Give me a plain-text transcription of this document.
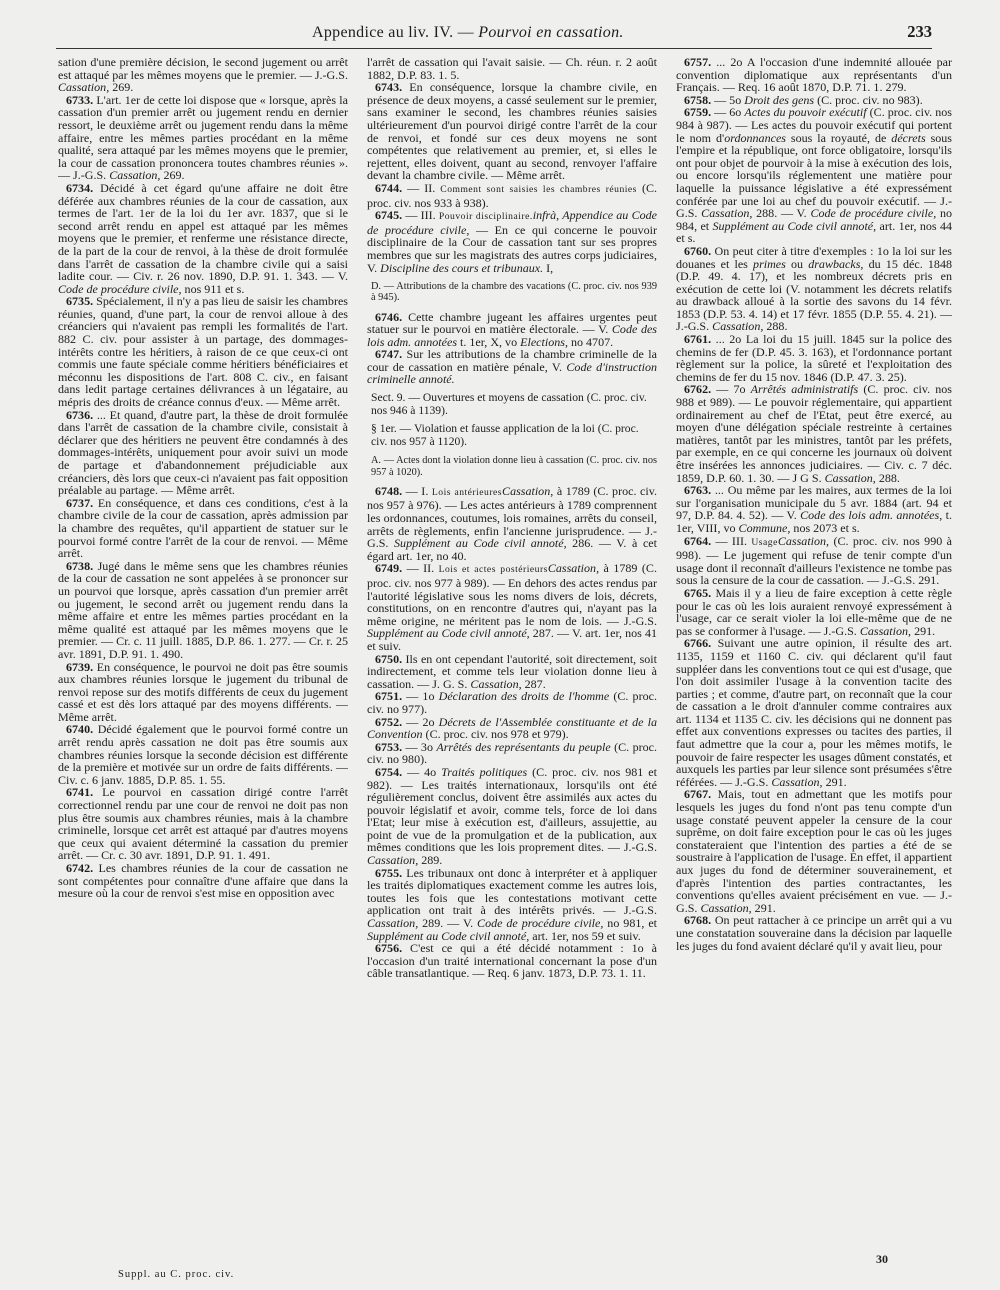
Appendice au liv. IV. — Pourvoi en cassation.	233

sation d'une première décision, le second jugement ou arrêt est attaqué par les mêmes moyens que le premier. — J.-G.S. Cassation, 269.

6733. L'art. 1er de cette loi dispose que « lorsque, après la cassation d'un premier arrêt ou jugement rendu en dernier ressort, le deuxième arrêt ou jugement rendu dans la même affaire, entre les mêmes parties procédant en la même qualité, sera attaqué par les mêmes moyens que le premier, la cour de cassation prononcera toutes chambres réunies ». — J.-G.S. Cassation, 269.

6734. Décidé à cet égard qu'une affaire ne doit être déférée aux chambres réunies de la cour de cassation, aux termes de l'art. 1er de la loi du 1er avr. 1837, que si le second arrêt rendu en appel est attaqué par les mêmes moyens que le premier, et renferme une résistance directe, de la part de la cour de renvoi, à la thèse de droit formulée dans l'arrêt de cassation de la chambre civile qui a saisi ladite cour. — Civ. r. 26 nov. 1890, D.P. 91. 1. 343. — V. Code de procédure civile, nos 911 et s.

6735. Spécialement, il n'y a pas lieu de saisir les chambres réunies, quand, d'une part, la cour de renvoi alloue à des créanciers qui n'avaient pas rempli les formalités de l'art. 882 C. civ. pour assister à un partage, des dommages-intérêts contre les héritiers, à raison de ce que ceux-ci ont commis une faute spéciale comme héritiers bénéficiaires et méconnu les dispositions de l'art. 808 C. civ., en faisant dans ledit partage certaines délivrances à un légataire, au mépris des droits de créance connus d'eux. — Même arrêt.

6736. ... Et quand, d'autre part, la thèse de droit formulée dans l'arrêt de cassation de la chambre civile, consistait à déclarer que des héritiers ne peuvent être condamnés à des dommages-intérêts, uniquement pour avoir suivi un mode de partage et d'abandonnement préjudiciable aux créanciers, dès lors que ceux-ci n'avaient pas fait opposition préalable au partage. — Même arrêt.

6737. En conséquence, et dans ces conditions, c'est à la chambre civile de la cour de cassation, après admission par la chambre des requêtes, qu'il appartient de statuer sur le pourvoi formé contre l'arrêt de la cour de renvoi. — Même arrêt.

6738. Jugé dans le même sens que les chambres réunies de la cour de cassation ne sont appelées à se prononcer sur un pourvoi que lorsque, après cassation d'un premier arrêt ou jugement, le second arrêt ou jugement rendu dans la même affaire et entre les mêmes parties procédant en la même qualité est attaqué par les mêmes moyens que le premier. — Cr. c. 11 juill. 1885, D.P. 86. 1. 277. — Cr. r. 25 avr. 1891, D.P. 91. 1. 490.

6739. En conséquence, le pourvoi ne doit pas être soumis aux chambres réunies lorsque le jugement du tribunal de renvoi repose sur des motifs différents de ceux du jugement cassé et est dès lors attaqué par des moyens différents. — Même arrêt.

6740. Décidé également que le pourvoi formé contre un arrêt rendu après cassation ne doit pas être soumis aux chambres réunies lorsque la seconde décision est différente de la première et motivée sur un ordre de faits différents. — Civ. c. 6 janv. 1885, D.P. 85. 1. 55.

6741. Le pourvoi en cassation dirigé contre l'arrêt correctionnel rendu par une cour de renvoi ne doit pas non plus être soumis aux chambres réunies, mais à la chambre criminelle, lorsque cet arrêt est attaqué par d'autres moyens que ceux qui avaient déterminé la cassation du premier arrêt. — Cr. c. 30 avr. 1891, D.P. 91. 1. 491.

6742. Les chambres réunies de la cour de cassation ne sont compétentes pour connaître d'une affaire que dans la mesure où la cour de renvoi s'est mise en opposition avec

l'arrêt de cassation qui l'avait saisie. — Ch. réun. r. 2 août 1882, D.P. 83. 1. 5.

6743. En conséquence, lorsque la chambre civile, en présence de deux moyens, a cassé seulement sur le premier, sans examiner le second, les chambres réunies saisies ultérieurement d'un pourvoi dirigé contre l'arrêt de la cour de renvoi, et fondé sur ces deux moyens ne sont compétentes que relativement au premier, et, si elles le rejettent, elles doivent, quant au second, renvoyer l'affaire devant la chambre civile. — Même arrêt.

6744. — II. Comment sont saisies les chambres réunies (C. proc. civ. nos 933 à 938).

6745. — III. Pouvoir disciplinaire.infrà, Appendice au Code de procédure civile, — En ce qui concerne le pouvoir disciplinaire de la Cour de cassation tant sur ses propres membres que sur les magistrats des autres corps judiciaires, V. Discipline des cours et tribunaux. I,

D. — Attributions de la chambre des vacations (C. proc. civ. nos 939 à 945).

6746. Cette chambre jugeant les affaires urgentes peut statuer sur le pourvoi en matière électorale. — V. Code des lois adm. annotées t. 1er, X, vo Elections, no 4707.

6747. Sur les attributions de la chambre criminelle de la cour de cassation en matière pénale, V. Code d'instruction criminelle annoté.

Sect. 9. — Ouvertures et moyens de cassation (C. proc. civ. nos 946 à 1139).

§ 1er. — Violation et fausse application de la loi (C. proc. civ. nos 957 à 1120).

A. — Actes dont la violation donne lieu à cassation (C. proc. civ. nos 957 à 1020).

6748. — I. Lois antérieuresCassation, à 1789 (C. proc. civ. nos 957 à 976). — Les actes antérieurs à 1789 comprennent les ordonnances, coutumes, lois romaines, arrêts du conseil, arrêts de règlements, enfin l'ancienne jurisprudence. — J.-G.S. Supplément au Code civil annoté, 286. — V. à cet égard art. 1er, no 40.

6749. — II. Lois et actes postérieursCassation, à 1789 (C. proc. civ. nos 977 à 989). — En dehors des actes rendus par l'autorité législative sous les noms divers de lois, décrets, constitutions, on en rencontre d'autres qui, n'ayant pas la même origine, ne méritent pas le nom de lois. — J.-G.S. Supplément au Code civil annoté, 287. — V. art. 1er, nos 41 et suiv.

6750. Ils en ont cependant l'autorité, soit directement, soit indirectement, et comme tels leur violation donne lieu à cassation. — J. G. S. Cassation, 287.

6751. — 1o Déclaration des droits de l'homme (C. proc. civ. no 977).

6752. — 2o Décrets de l'Assemblée constituante et de la Convention (C. proc. civ. nos 978 et 979).

6753. — 3o Arrêtés des représentants du peuple (C. proc. civ. no 980).

6754. — 4o Traités politiques (C. proc. civ. nos 981 et 982). — Les traités internationaux, lorsqu'ils ont été régulièrement conclus, doivent être assimilés aux actes du pouvoir législatif et avoir, comme tels, force de loi dans l'Etat; leur mise à exécution est, d'ailleurs, assujettie, au point de vue de la promulgation et de la publication, aux mêmes conditions que les lois proprement dites. — J.-G.S. Cassation, 289.

6755. Les tribunaux ont donc à interpréter et à appliquer les traités diplomatiques exactement comme les autres lois, toutes les fois que les contestations motivant cette application ont trait à des intérêts privés. — J.-G.S. Cassation, 289. — V. Code de procédure civile, no 981, et Supplément au Code civil annoté, art. 1er, nos 59 et suiv.

6756. C'est ce qui a été décidé notamment : 1o à l'occasion d'un traité international concernant la pose d'un câble transatlantique. — Req. 6 janv. 1873, D.P. 73. 1. 11.

6757. ... 2o A l'occasion d'une indemnité allouée par convention diplomatique aux représentants d'un Français. — Req. 16 août 1870, D.P. 71. 1. 279.

6758. — 5o Droit des gens (C. proc. civ. no 983).

6759. — 6o Actes du pouvoir exécutif (C. proc. civ. nos 984 à 987). — Les actes du pouvoir exécutif qui portent le nom d'ordonnances sous la royauté, de décrets sous l'empire et la république, ont force obligatoire, lorsqu'ils ont pour objet de pourvoir à la mise à exécution des lois, ou encore lorsqu'ils réglementent une matière pour laquelle la puissance législative a été expressément conférée par une loi au chef du pouvoir exécutif. — J.-G.S. Cassation, 288. — V. Code de procédure civile, no 984, et Supplément au Code civil annoté, art. 1er, nos 44 et s.

6760. On peut citer à titre d'exemples : 1o la loi sur les douanes et les primes ou drawbacks, du 15 déc. 1848 (D.P. 49. 4. 17), et les nombreux décrets pris en exécution de cette loi (V. notamment les décrets relatifs au drawback alloué à la sortie des savons du 14 févr. 1853 (D.P. 53. 4. 14) et 17 févr. 1855 (D.P. 55. 4. 21). — J.-G.S. Cassation, 288.

6761. ... 2o La loi du 15 juill. 1845 sur la police des chemins de fer (D.P. 45. 3. 163), et l'ordonnance portant règlement sur la police, la sûreté et l'exploitation des chemins de fer du 15 nov. 1846 (D.P. 47. 3. 25).

6762. — 7o Arrêtés administratifs (C. proc. civ. nos 988 et 989). — Le pouvoir réglementaire, qui appartient ordinairement au chef de l'Etat, peut être exercé, au moyen d'une délégation spéciale restreinte à certaines matières, tantôt par les ministres, tantôt par les préfets, par exemple, en ce qui concerne les journaux où doivent être insérées les annonces judiciaires. — Civ. c. 7 déc. 1859, D.P. 60. 1. 30. — J G S. Cassation, 288.

6763. ... Ou même par les maires, aux termes de la loi sur l'organisation municipale du 5 avr. 1884 (art. 94 et 97, D.P. 84. 4. 52). — V. Code des lois adm. annotées, t. 1er, VIII, vo Commune, nos 2073 et s.

6764. — III. UsageCassation, (C. proc. civ. nos 990 à 998). — Le jugement qui refuse de tenir compte d'un usage dont il reconnaît d'ailleurs l'existence ne tombe pas sous la censure de la cour de cassation. — J.-G.S. 291.

6765. Mais il y a lieu de faire exception à cette règle pour le cas où les lois auraient renvoyé expressément à l'usage, car ce serait violer la loi elle-même que de ne pas se conformer à l'usage. — J.-G.S. Cassation, 291.

6766. Suivant une autre opinion, il résulte des art. 1135, 1159 et 1160 C. civ. qui déclarent qu'il faut suppléer dans les conventions tout ce qui est d'usage, que l'on doit assimiler l'usage à la convention tacite des parties ; et comme, d'autre part, on reconnaît que la cour de cassation a le droit d'annuler comme contraires aux art. 1134 et 1135 C. civ. les décisions qui ne donnent pas effet aux conventions expresses ou tacites des parties, il faut admettre que la cour a, pour les mêmes motifs, le pouvoir de faire respecter les usages dûment constatés, et auxquels les parties par leur silence sont présumées s'être référées. — J.-G.S. Cassation, 291.

6767. Mais, tout en admettant que les motifs pour lesquels les juges du fond n'ont pas tenu compte d'un usage constaté peuvent appeler la censure de la cour suprême, on doit faire exception pour le cas où les juges constateraient que l'intention des parties a été de se soustraire à l'application de l'usage. En effet, il appartient aux juges du fond de déterminer souverainement, et d'après l'intention des parties contractantes, les conventions qu'elles avaient précisément en vue. — J.-G.S. Cassation, 291.

6768. On peut rattacher à ce principe un arrêt qui a vu une constatation souveraine dans la décision par laquelle les juges du fond avaient déclaré qu'il y avait lieu, pour

Suppl. au C. proc. civ.
30
